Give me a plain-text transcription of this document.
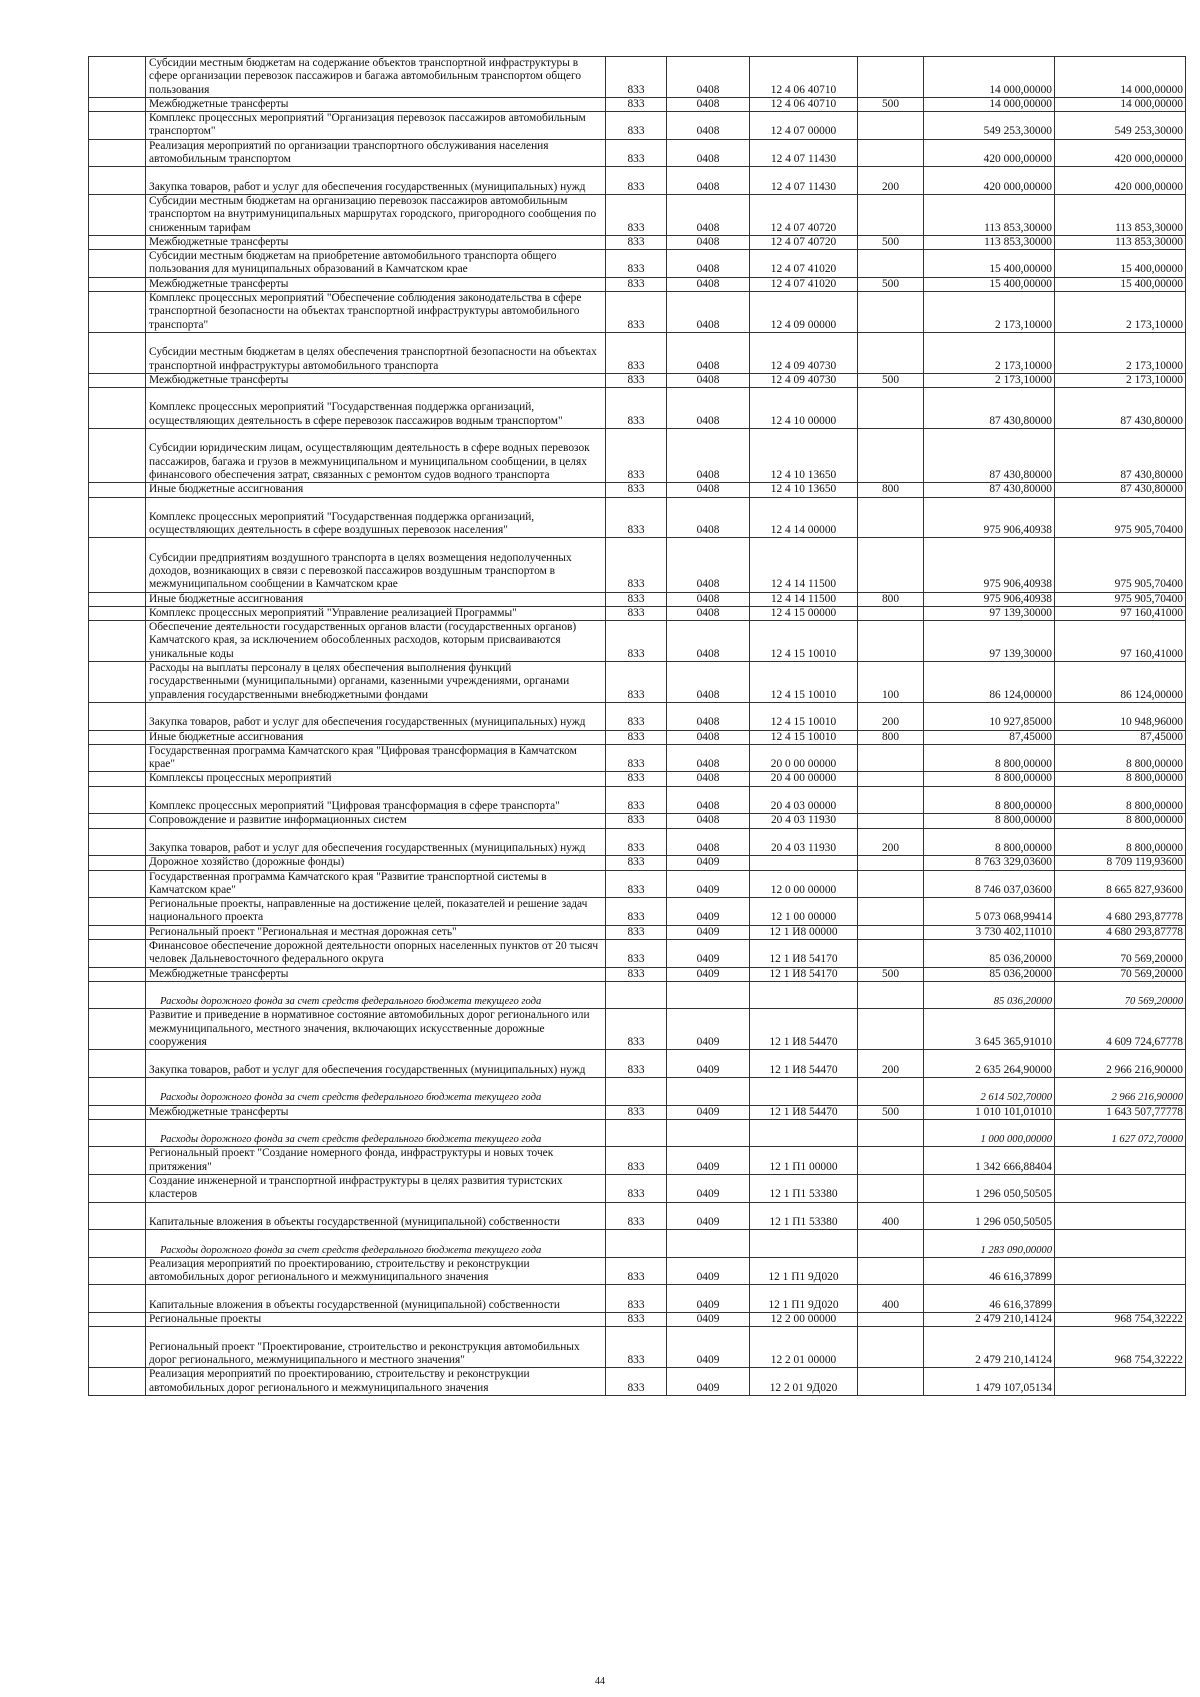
	Субсидии местным бюджетам на содержание объектов транспортной инфраструктуры в сфере организации перевозок пассажиров и багажа автомобильным транспортом общего пользования	833	0408	12 4 06 40710		14 000,00000	14 000,00000
	Межбюджетные трансферты	833	0408	12 4 06 40710	500	14 000,00000	14 000,00000
	Комплекс процессных мероприятий "Организация перевозок пассажиров автомобильным транспортом"	833	0408	12 4 07 00000		549 253,30000	549 253,30000
	Реализация мероприятий по организации транспортного обслуживания населения автомобильным транспортом	833	0408	12 4 07 11430		420 000,00000	420 000,00000
	Закупка товаров, работ и услуг для обеспечения государственных (муниципальных) нужд	833	0408	12 4 07 11430	200	420 000,00000	420 000,00000
	Субсидии местным бюджетам на организацию перевозок пассажиров автомобильным транспортом на внутримуниципальных маршрутах городского, пригородного сообщения по сниженным тарифам	833	0408	12 4 07 40720		113 853,30000	113 853,30000
	Межбюджетные трансферты	833	0408	12 4 07 40720	500	113 853,30000	113 853,30000
	Субсидии местным бюджетам на приобретение автомобильного транспорта общего пользования для муниципальных образований в Камчатском крае	833	0408	12 4 07 41020		15 400,00000	15 400,00000
	Межбюджетные трансферты	833	0408	12 4 07 41020	500	15 400,00000	15 400,00000
	Комплекс процессных мероприятий "Обеспечение соблюдения законодательства в сфере транспортной безопасности на объектах транспортной инфраструктуры автомобильного транспорта"	833	0408	12 4 09 00000		2 173,10000	2 173,10000
	Субсидии местным бюджетам в целях обеспечения транспортной безопасности на объектах транспортной инфраструктуры автомобильного транспорта	833	0408	12 4 09 40730		2 173,10000	2 173,10000
	Межбюджетные трансферты	833	0408	12 4 09 40730	500	2 173,10000	2 173,10000
	Комплекс процессных мероприятий "Государственная поддержка организаций, осуществляющих деятельность в сфере перевозок пассажиров водным транспортом"	833	0408	12 4 10 00000		87 430,80000	87 430,80000
	Субсидии юридическим лицам, осуществляющим деятельность в сфере водных перевозок пассажиров, багажа и грузов в межмуниципальном и муниципальном сообщении, в целях финансового обеспечения затрат, связанных с ремонтом судов водного транспорта	833	0408	12 4 10 13650		87 430,80000	87 430,80000
	Иные бюджетные ассигнования	833	0408	12 4 10 13650	800	87 430,80000	87 430,80000
	Комплекс процессных мероприятий "Государственная поддержка организаций, осуществляющих деятельность в сфере воздушных перевозок населения"	833	0408	12 4 14 00000		975 906,40938	975 905,70400
	Субсидии предприятиям воздушного транспорта в целях возмещения недополученных доходов, возникающих в связи с перевозкой пассажиров воздушным транспортом в межмуниципальном сообщении в Камчатском крае	833	0408	12 4 14 11500		975 906,40938	975 905,70400
	Иные бюджетные ассигнования	833	0408	12 4 14 11500	800	975 906,40938	975 905,70400
	Комплекс процессных мероприятий "Управление реализацией Программы"	833	0408	12 4 15 00000		97 139,30000	97 160,41000
	Обеспечение деятельности государственных органов власти (государственных органов) Камчатского края, за исключением обособленных расходов, которым присваиваются уникальные коды	833	0408	12 4 15 10010		97 139,30000	97 160,41000
	Расходы на выплаты персоналу в целях обеспечения выполнения функций государственными (муниципальными) органами, казенными учреждениями, органами управления государственными внебюджетными фондами	833	0408	12 4 15 10010	100	86 124,00000	86 124,00000
	Закупка товаров, работ и услуг для обеспечения государственных (муниципальных) нужд	833	0408	12 4 15 10010	200	10 927,85000	10 948,96000
	Иные бюджетные ассигнования	833	0408	12 4 15 10010	800	87,45000	87,45000
	Государственная программа Камчатского края "Цифровая трансформация в Камчатском крае"	833	0408	20 0 00 00000		8 800,00000	8 800,00000
	Комплексы процессных мероприятий	833	0408	20 4 00 00000		8 800,00000	8 800,00000
	Комплекс процессных мероприятий "Цифровая трансформация в сфере транспорта"	833	0408	20 4 03 00000		8 800,00000	8 800,00000
	Сопровождение и развитие информационных систем	833	0408	20 4 03 11930		8 800,00000	8 800,00000
	Закупка товаров, работ и услуг для обеспечения государственных (муниципальных) нужд	833	0408	20 4 03 11930	200	8 800,00000	8 800,00000
	Дорожное хозяйство (дорожные фонды)	833	0409			8 763 329,03600	8 709 119,93600
	Государственная программа Камчатского края "Развитие транспортной системы в Камчатском крае"	833	0409	12 0 00 00000		8 746 037,03600	8 665 827,93600
	Региональные проекты, направленные на достижение целей, показателей и решение задач национального проекта	833	0409	12 1 00 00000		5 073 068,99414	4 680 293,87778
	Региональный проект "Региональная и местная дорожная сеть"	833	0409	12 1 И8 00000		3 730 402,11010	4 680 293,87778
	Финансовое обеспечение дорожной деятельности опорных населенных пунктов от 20 тысяч человек Дальневосточного федерального округа	833	0409	12 1 И8 54170		85 036,20000	70 569,20000
	Межбюджетные трансферты	833	0409	12 1 И8 54170	500	85 036,20000	70 569,20000
	Расходы дорожного фонда за счет средств федерального бюджета текущего года					85 036,20000	70 569,20000
	Развитие и приведение в нормативное состояние автомобильных дорог регионального или межмуниципального, местного значения, включающих искусственные дорожные сооружения	833	0409	12 1 И8 54470		3 645 365,91010	4 609 724,67778
	Закупка товаров, работ и услуг для обеспечения государственных (муниципальных) нужд	833	0409	12 1 И8 54470	200	2 635 264,90000	2 966 216,90000
	Расходы дорожного фонда за счет средств федерального бюджета текущего года					2 614 502,70000	2 966 216,90000
	Межбюджетные трансферты	833	0409	12 1 И8 54470	500	1 010 101,01010	1 643 507,77778
	Расходы дорожного фонда за счет средств федерального бюджета текущего года					1 000 000,00000	1 627 072,70000
	Региональный проект "Создание номерного фонда, инфраструктуры и новых точек притяжения"	833	0409	12 1 П1 00000		1 342 666,88404	
	Создание инженерной и транспортной инфраструктуры в целях развития туристских кластеров	833	0409	12 1 П1 53380		1 296 050,50505	
	Капитальные вложения в объекты государственной (муниципальной) собственности	833	0409	12 1 П1 53380	400	1 296 050,50505	
	Расходы дорожного фонда за счет средств федерального бюджета текущего года					1 283 090,00000	
	Реализация мероприятий по проектированию, строительству и реконструкции автомобильных дорог регионального и межмуниципального значения	833	0409	12 1 П1 9Д020		46 616,37899	
	Капитальные вложения в объекты государственной (муниципальной) собственности	833	0409	12 1 П1 9Д020	400	46 616,37899	
	Региональные проекты	833	0409	12 2 00 00000		2 479 210,14124	968 754,32222
	Региональный проект "Проектирование, строительство и реконструкция автомобильных дорог регионального, межмуниципального и местного значения"	833	0409	12 2 01 00000		2 479 210,14124	968 754,32222
	Реализация мероприятий по проектированию, строительству и реконструкции автомобильных дорог регионального и межмуниципального значения	833	0409	12 2 01 9Д020		1 479 107,05134	
44
